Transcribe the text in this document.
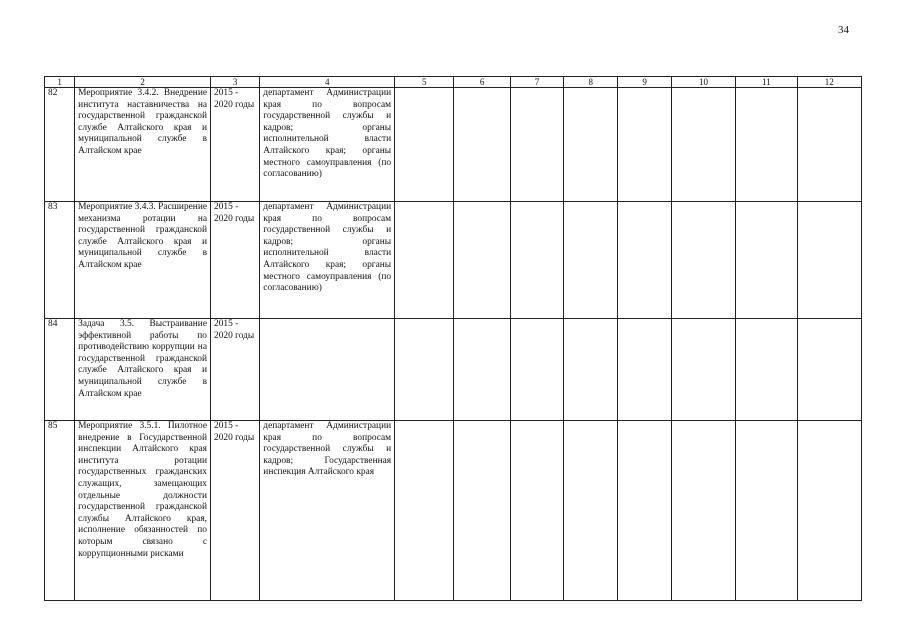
34
1	2	3	4	5	6	7	8	9	10	11	12
82	Мероприятие 3.4.2. Внедрение института наставничества на государственной гражданской службе Алтайского края и муниципальной службе в Алтайском крае	2015 - 2020 годы	департамент Администрации края по вопросам государственной службы и кадров; органы исполнительной власти Алтайского края; органы местного самоуправления (по согласованию)								
83	Мероприятие 3.4.3. Расширение механизма ротации на государственной гражданской службе Алтайского края и муниципальной службе в Алтайском крае	2015 - 2020 годы	департамент Администрации края по вопросам государственной службы и кадров; органы исполнительной власти Алтайского края; органы местного самоуправления (по согласованию)								
84	Задача 3.5. Выстраивание эффективной работы по противодействию коррупции на государственной гражданской службе Алтайского края и муниципальной службе в Алтайском крае	2015 - 2020 годы									
85	Мероприятие 3.5.1. Пилотное внедрение в Государственной инспекции Алтайского края института ротации государственных гражданских служащих, замещающих отдельные должности государственной гражданской службы Алтайского края, исполнение обязанностей по которым связано с коррупционными рисками	2015 - 2020 годы	департамент Администрации края по вопросам государственной службы и кадров; Государственная инспекция Алтайского края								
